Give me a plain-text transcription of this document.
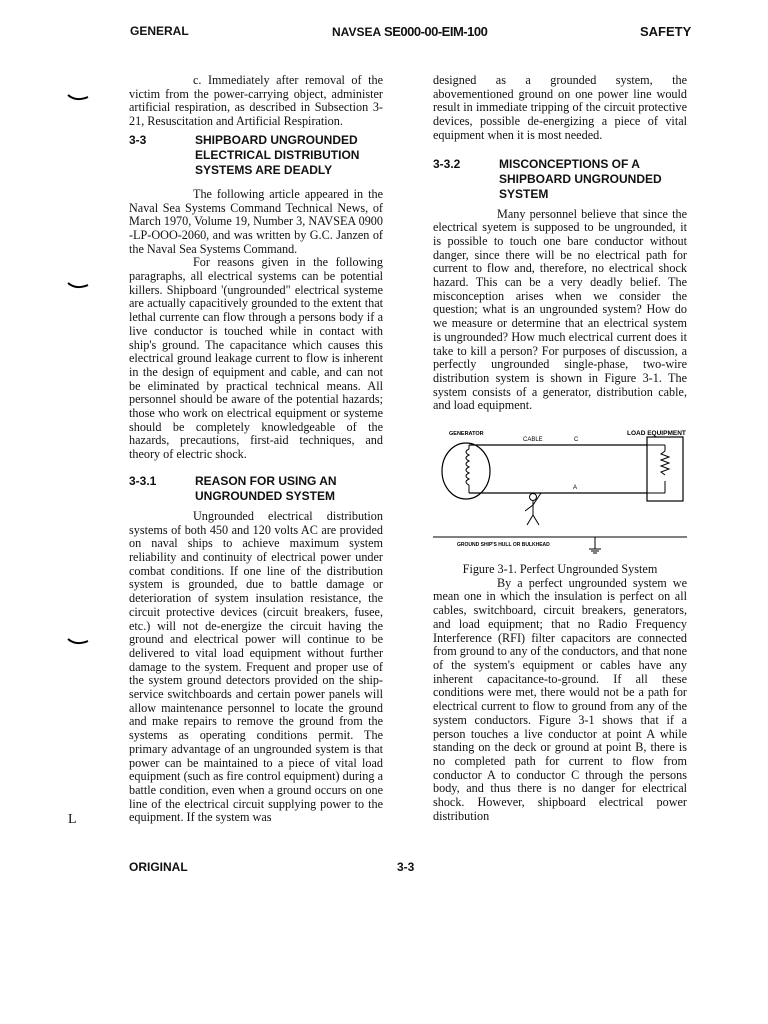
GENERAL	NAVSEA SE000-00-EIM-100	SAFETY
L

c. Immediately after removal of the victim from the power-carrying object, administer artificial respiration, as described in Subsection 3-21, Resuscitation and Artificial Respiration.

3-3	SHIPBOARD UNGROUNDED ELECTRICAL DISTRIBUTION SYSTEMS ARE DEADLY

The following article appeared in the Naval Sea Systems Command Technical News, of March 1970, Volume 19, Number 3, NAVSEA 0900 -LP-OOO-2060, and was written by G.C. Janzen of the Naval Sea Systems Command.

For reasons given in the following paragraphs, all electrical systems can be potential killers. Shipboard '(ungrounded" electrical systeme are actually capacitively grounded to the extent that lethal currente can flow through a persons body if a live conductor is touched while in contact with ship's ground. The capacitance which causes this electrical ground leakage current to flow is inherent in the design of equipment and cable, and can not be eliminated by practical technical means. All personnel should be aware of the potential hazards; those who work on electrical equipment or systeme should be completely knowledgeable of the hazards, precautions, first-aid techniques, and theory of electric shock.

3-3.1	REASON FOR USING AN UNGROUNDED SYSTEM

Ungrounded electrical distribution systems of both 450 and 120 volts AC are provided on naval ships to achieve maximum system reliability and continuity of electrical power under combat conditions. If one line of the distribution system is grounded, due to battle damage or deterioration of system insulation resistance, the circuit protective devices (circuit breakers, fusee, etc.) will not de-energize the circuit having the ground and electrical power will continue to be delivered to vital load equipment without further damage to the system. Frequent and proper use of the system ground detectors provided on the ship-service switchboards and certain power panels will allow maintenance personnel to locate the ground and make repairs to remove the ground from the systems as operating conditions permit. The primary advantage of an ungrounded system is that power can be maintained to a piece of vital load equipment (such as fire control equipment) during a battle condition, even when a ground occurs on one line of the electrical circuit supplying power to the equipment. If the system was

designed as a grounded system, the abovementioned ground on one power line would result in immediate tripping of the circuit protective devices, possible de-energizing a piece of vital equipment when it is most needed.

3-3.2	MISCONCEPTIONS OF A SHIPBOARD UNGROUNDED SYSTEM

Many personnel believe that since the electrical syetem is supposed to be ungrounded, it is possible to touch one bare conductor without danger, since there will be no electrical path for current to flow and, therefore, no electrical shock hazard. This can be a very deadly belief. The misconception arises when we consider the question; what is an ungrounded system? How do we measure or determine that an electrical system is ungrounded? How much electrical current does it take to kill a person? For purposes of discussion, a perfectly ungrounded single-phase, two-wire distribution system is shown in Figure 3-1. The system consists of a generator, distribution cable, and load equipment.

GENERATOR
CABLE	C
LOAD EQUIPMENT
A
GROUND SHIP'S HULL OR BULKHEAD

Figure 3-1. Perfect Ungrounded System

By a perfect ungrounded system we mean one in which the insulation is perfect on all cables, switchboard, circuit breakers, generators, and load equipment; that no Radio Frequency Interference (RFI) filter capacitors are connected from ground to any of the conductors, and that none of the system's equipment or cables have any inherent capacitance-to-ground. If all these conditions were met, there would not be a path for electrical current to flow to ground from any of the system conductors. Figure 3-1 shows that if a person touches a live conductor at point A while standing on the deck or ground at point B, there is no completed path for current to flow from conductor A to conductor C through the persons body, and thus there is no danger for electrical shock. However, shipboard electrical power distribution

ORIGINAL	3-3
